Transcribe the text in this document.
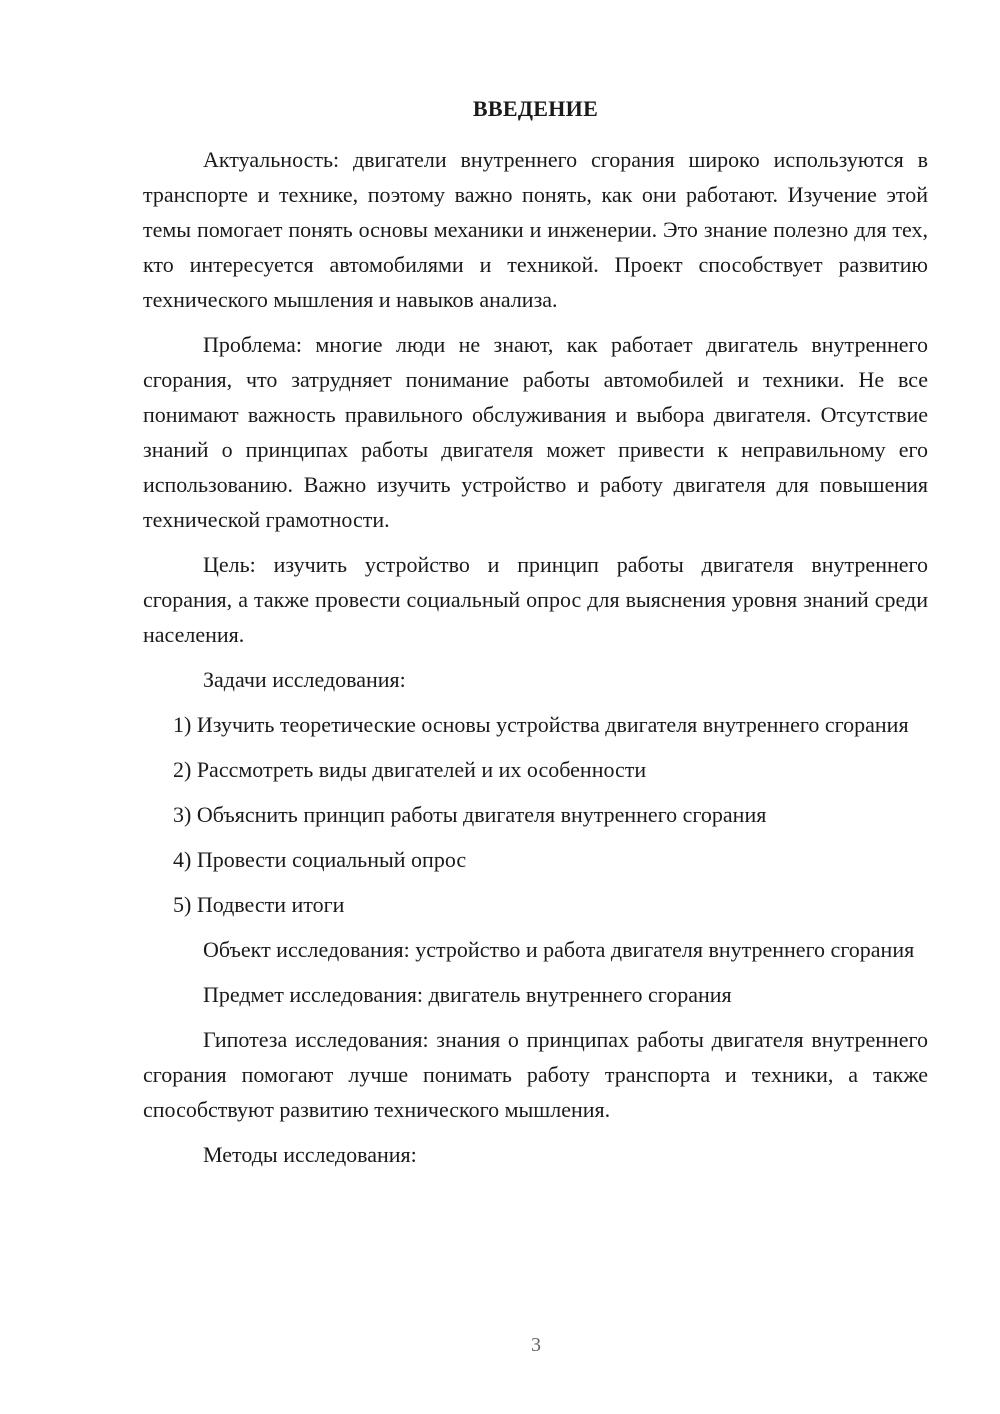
ВВЕДЕНИЕ

Актуальность: двигатели внутреннего сгорания широко используются в транспорте и технике, поэтому важно понять, как они работают. Изучение этой темы помогает понять основы механики и инженерии. Это знание полезно для тех, кто интересуется автомобилями и техникой. Проект способствует развитию технического мышления и навыков анализа.

Проблема: многие люди не знают, как работает двигатель внутреннего сгорания, что затрудняет понимание работы автомобилей и техники. Не все понимают важность правильного обслуживания и выбора двигателя. Отсутствие знаний о принципах работы двигателя может привести к неправильному его использованию. Важно изучить устройство и работу двигателя для повышения технической грамотности.

Цель: изучить устройство и принцип работы двигателя внутреннего сгорания, а также провести социальный опрос для выяснения уровня знаний среди населения.

Задачи исследования:

1) Изучить теоретические основы устройства двигателя внутреннего сгорания

2) Рассмотреть виды двигателей и их особенности

3) Объяснить принцип работы двигателя внутреннего сгорания

4) Провести социальный опрос

5) Подвести итоги

Объект исследования: устройство и работа двигателя внутреннего сгорания

Предмет исследования: двигатель внутреннего сгорания

Гипотеза исследования: знания о принципах работы двигателя внутреннего сгорания помогают лучше понимать работу транспорта и техники, а также способствуют развитию технического мышления.

Методы исследования:

3
